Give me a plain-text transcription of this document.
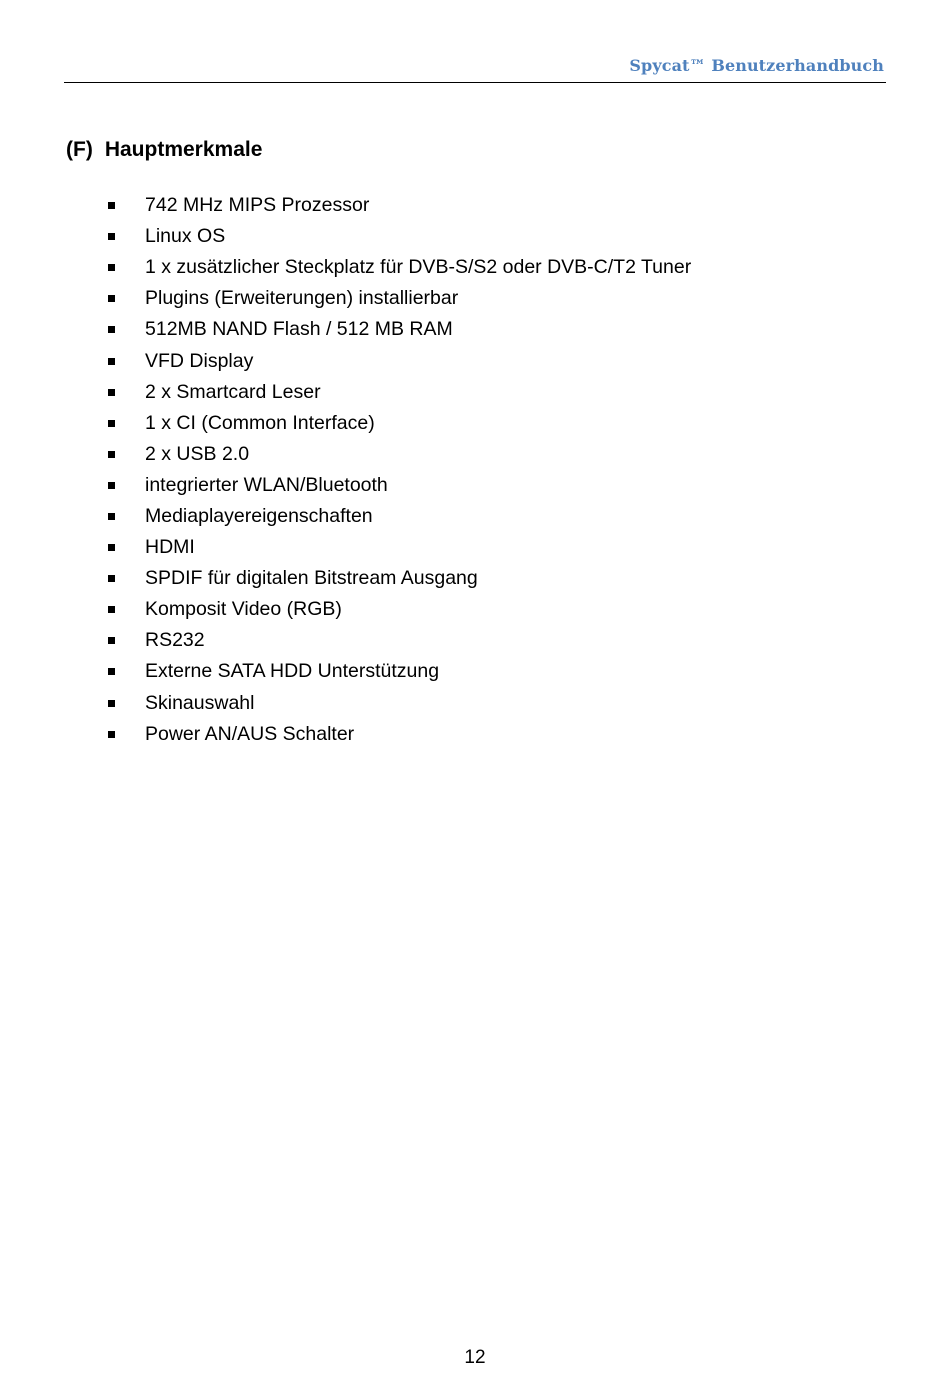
Spycat™ Benutzerhandbuch
(F) Hauptmerkmale
742 MHz MIPS Prozessor
Linux OS
1 x zusätzlicher Steckplatz für DVB-S/S2 oder DVB-C/T2 Tuner
Plugins (Erweiterungen) installierbar
512MB NAND Flash / 512 MB RAM
VFD Display
2 x Smartcard Leser
1 x CI (Common Interface)
2 x USB 2.0
integrierter WLAN/Bluetooth
Mediaplayereigenschaften
HDMI
SPDIF für digitalen Bitstream Ausgang
Komposit Video (RGB)
RS232
Externe SATA HDD Unterstützung
Skinauswahl
Power AN/AUS Schalter
12
